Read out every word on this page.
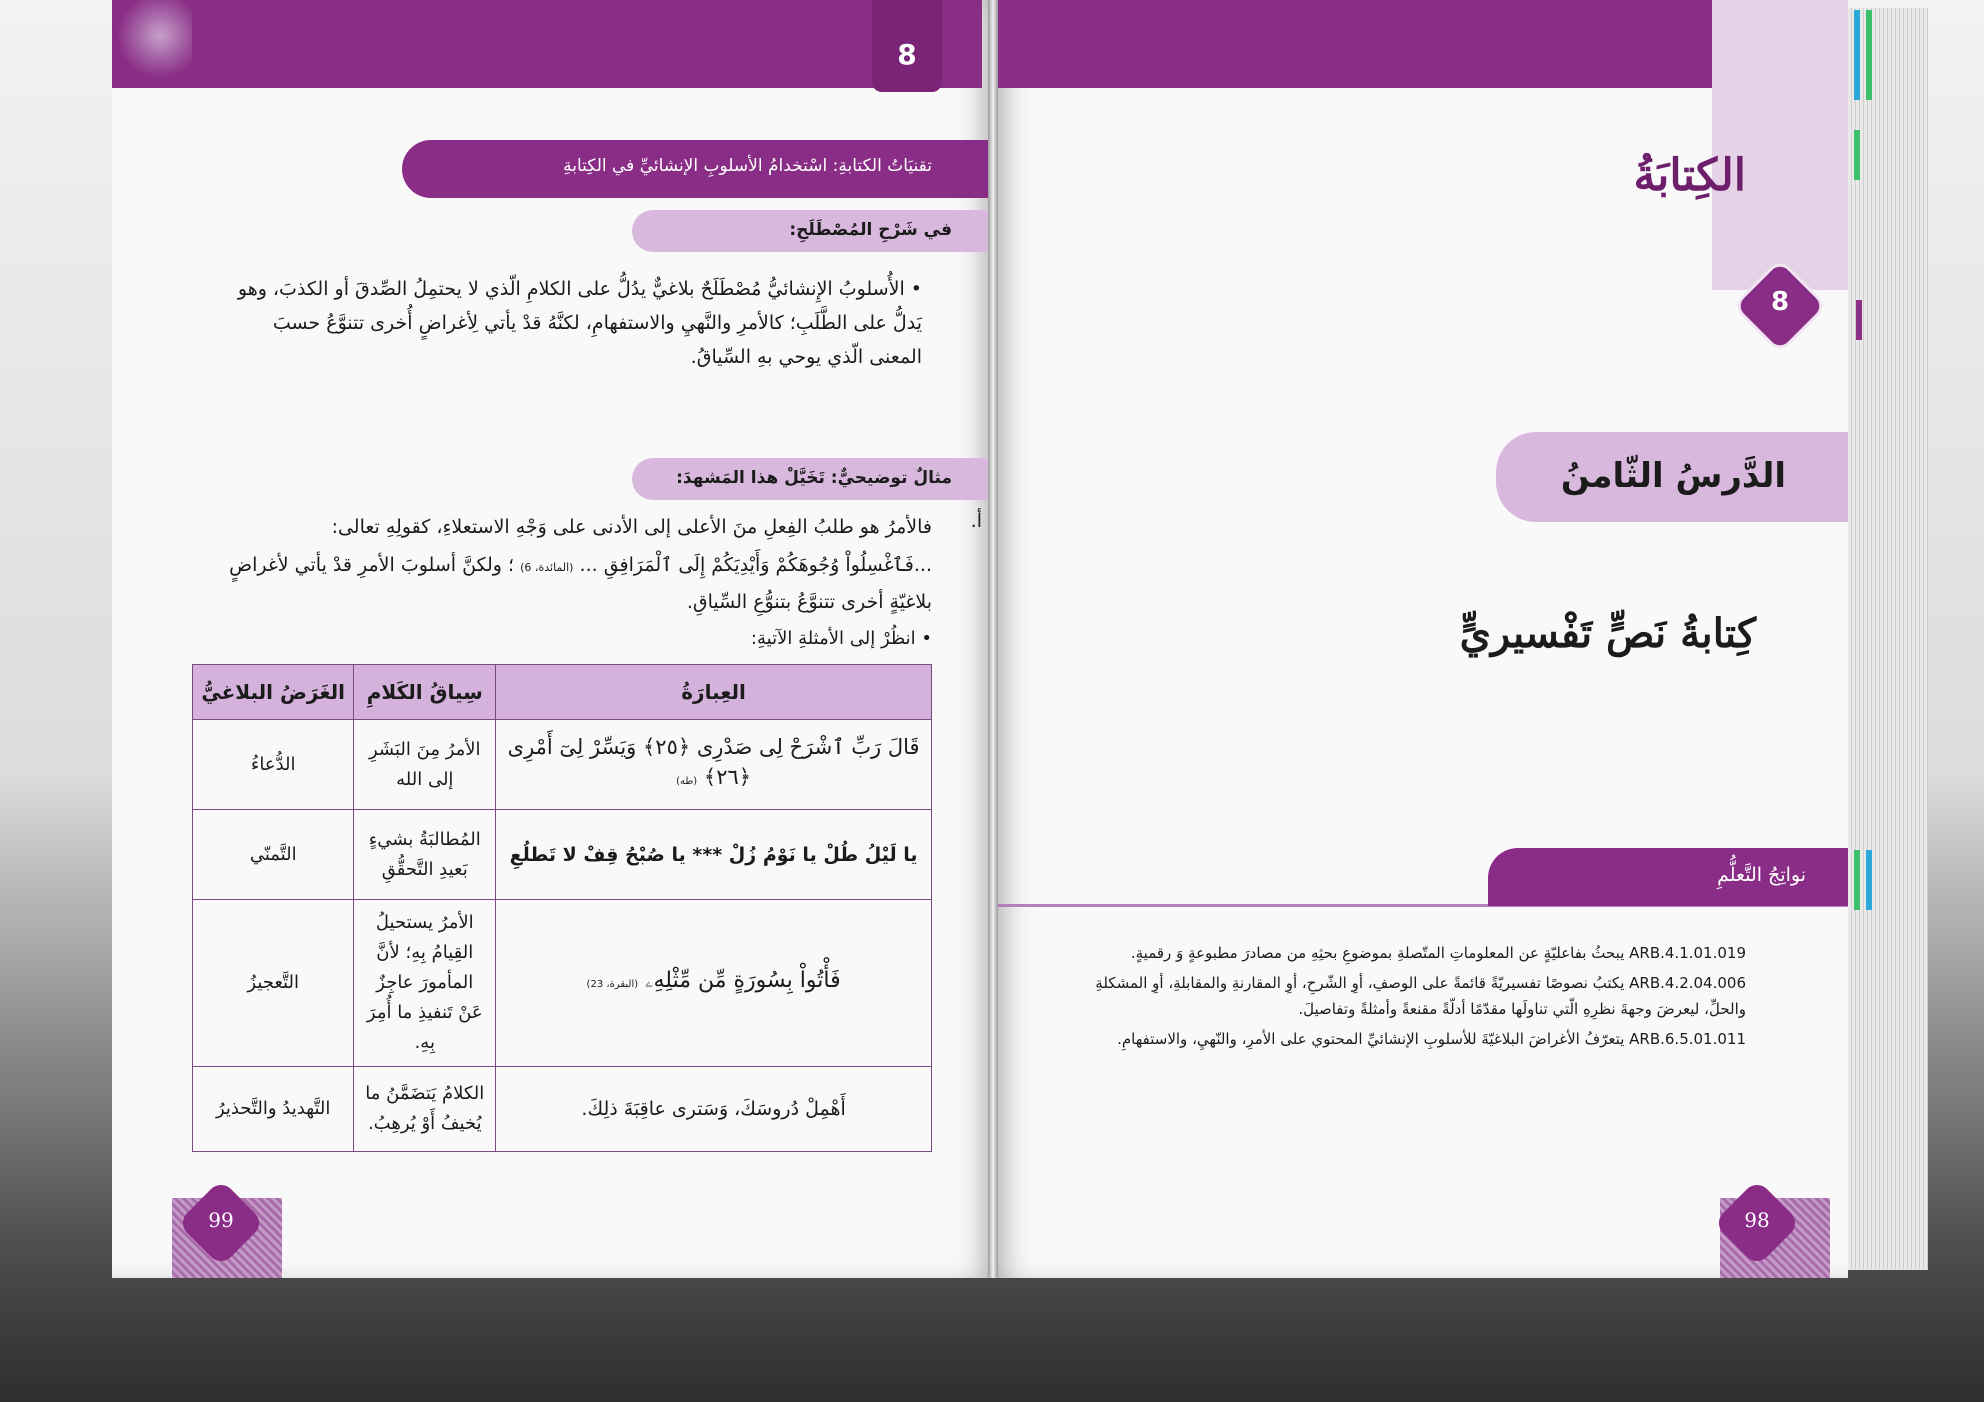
8
تقنيَاتُ الكتابةِ: اسْتخدامُ الأسلوبِ الإنشائيِّ في الكِتابةِ
في شَرْحِ المُصْطَلَحِ:
• الأُسلوبُ الإِنشائيُّ مُصْطَلَحٌ بلاغيٌّ يدُلُّ على الكلامِ الّذي لا يحتمِلُ الصِّدقَ أو الكذبَ، وهو يَدلُّ على الطَّلَبِ؛ كالأمرِ والنَّهيِ والاستفهامِ، لكنَّهُ قدْ يأتي لِأغراضٍ أُخرى تتنوَّعُ حسبَ المعنى الّذي يوحي بهِ السِّياقُ.
مثالٌ توضيحيٌّ: تَخَيَّلْ هذا المَشهدَ:
أ.
فالأمرُ هو طلبُ الفِعلِ منَ الأعلى إلى الأدنى على وَجْهِ الاستعلاءِ، كقولِهِ تعالى:
...فَٱغْسِلُواْ وُجُوهَكُمْ وَأَيْدِيَكُمْ إِلَى ٱلْمَرَافِقِ ... (المائدة، 6) ؛ ولكنَّ أسلوبَ الأمرِ قدْ يأتي لأغراضٍ بلاغيّةٍ أخرى تتنوَّعُ بتنوُّعِ السِّياقِ.
• انظُرْ إلى الأمثلةِ الآتيةِ:
العِبارَةُ	سِياقُ الكَلامِ	الغَرَضُ البلاغيُّ
قَالَ رَبِّ ٱشْرَحْ لِى صَدْرِى ﴿٢٥﴾ وَيَسِّرْ لِىٓ أَمْرِى ﴿٢٦﴾ (طه)	الأمرُ مِنَ البَشَرِ إلى الله	الدُّعاءُ
يا لَيْلُ طُلْ يا نَوْمُ زُلْ *** يا صُبْحُ قِفْ لا تَطلُعِ	المُطالبَةُ بشيءٍ بَعيدِ التَّحقُّقِ	التَّمنّي
فَأْتُواْ بِسُورَةٍ مِّن مِّثْلِهِۦ (البقرة، 23)	الأمرُ يستحيلُ القِيامُ بِهِ؛ لأنَّ المأمورَ عاجِزٌ عَنْ تَنفيذِ ما أُمِرَ بِهِ.	التَّعجيزُ
أَهْمِلْ دُروسَكَ، وَسَترى عاقِبَةَ ذلِكَ.	الكلامُ يَتضَمَّنُ ما يُخيفُ أَوْ يُرهِبُ.	التَّهديدُ والتَّحذيرُ
99
الكِتابَةُ
8
الدَّرسُ الثّامنُ
كِتابةُ نَصٍّ تَفْسيريٍّ
نواتِجُ التَّعلُّمِ
ARB.4.1.01.019 يبحثُ بفاعليّةٍ عن المعلوماتِ المتّصلةِ بموضوعِ بحثِهِ من مصادرَ مطبوعةٍ وَ رقميةٍ.
ARB.4.2.04.006 يكتبُ نصوصًا تفسيريّةً قائمةً على الوصفِ، أوِ الشّرحِ، أوِ المقارنةِ والمقابلةِ، أوِ المشكلةِ والحلِّ، ليعرضَ وجهةَ نظرِهِ الّتي تناولَها مقدّمًا أدلّةً مقنعةً وأمثلةً وتفاصيلَ.
ARB.6.5.01.011 يتعرّفُ الأغراضَ البلاغيّةَ للأسلوبِ الإنشائيِّ المحتوي على الأمرِ، والنّهيِ، والاستفهامِ.
98
